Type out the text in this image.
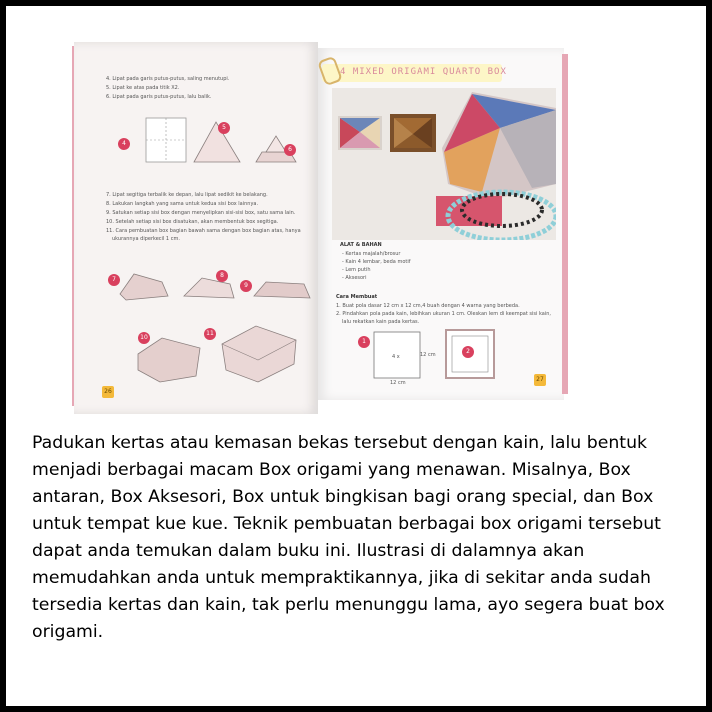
4. Lipat pada garis putus-putus, saling menutupi.
5. Lipat ke atas pada titik X2.
6. Lipat pada garis putus-putus, lalu balik.
4
5
6
7. Lipat segitiga terbalik ke depan, lalu lipat sedikit ke belakang.
8. Lakukan langkah yang sama untuk kedua sisi box lainnya.
9. Satukan setiap sisi box dengan menyelipkan sisi-sisi box, satu sama lain.
10. Setelah setiap sisi box disatukan, akan membentuk box segitiga.
11. Cara pembuatan box bagian bawah sama dengan box bagian atas, hanya
ukurannya diperkecil 1 cm.
7
8
9
10
11
26
4 MIXED ORIGAMI QUARTO BOX
ALAT & BAHAN
- Kertas majalah/brosur
- Kain 4 lembar, beda motif
- Lem putih
- Aksesori
Cara Membuat
1. Buat pola dasar 12 cm x 12 cm,4 buah dengan 4 warna yang berbeda.
2. Pindahkan pola pada kain, lebihkan ukuran 1 cm. Oleskan lem di keempat sisi kain,
lalu rekatkan kain pada kertas.
1
2
4 x	12 cm
12 cm	27
Padukan kertas atau kemasan bekas tersebut dengan kain, lalu bentuk menjadi berbagai macam Box origami yang menawan. Misalnya, Box antaran, Box Aksesori, Box untuk bingkisan bagi orang special, dan Box untuk tempat kue kue. Teknik pembuatan berbagai box origami tersebut dapat anda temukan dalam buku ini. Ilustrasi di dalamnya akan memudahkan anda untuk mempraktikannya, jika di sekitar anda sudah tersedia kertas dan kain, tak perlu menunggu lama, ayo segera buat box origami.
